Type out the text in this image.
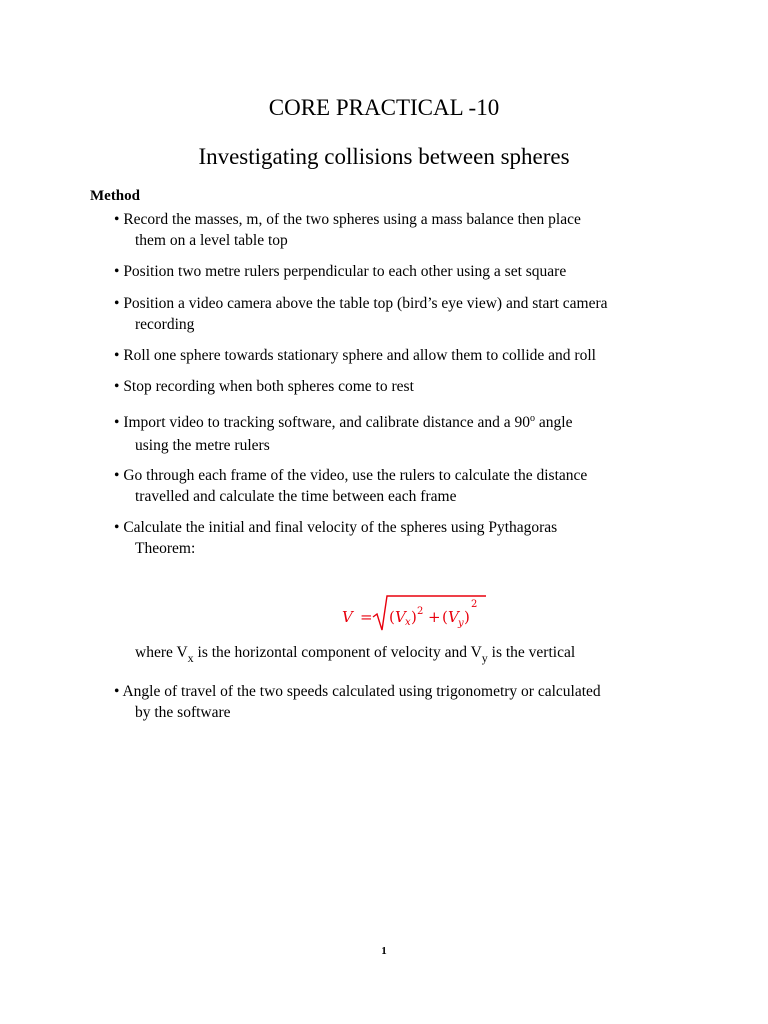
CORE PRACTICAL -10
Investigating collisions between spheres
Method
• Record the masses, m, of the two spheres using a mass balance then place
them on a level table top
• Position two metre rulers perpendicular to each other using a set square
• Position a video camera above the table top (bird’s eye view) and start camera
recording
• Roll one sphere towards stationary sphere and allow them to collide and roll
• Stop recording when both spheres come to rest
• Import video to tracking software, and calibrate distance and a 90$^o$ angle
using the metre rulers
• Go through each frame of the video, use the rulers to calculate the distance
travelled and calculate the time between each frame
• Calculate the initial and final velocity of the spheres using Pythagoras
Theorem:
V = ( V x ) 2 + ( V y )
2
where $V_x$ is the horizontal component of velocity and $V_y$ is the vertical
• Angle of travel of the two speeds calculated using trigonometry or calculated
by the software
1
